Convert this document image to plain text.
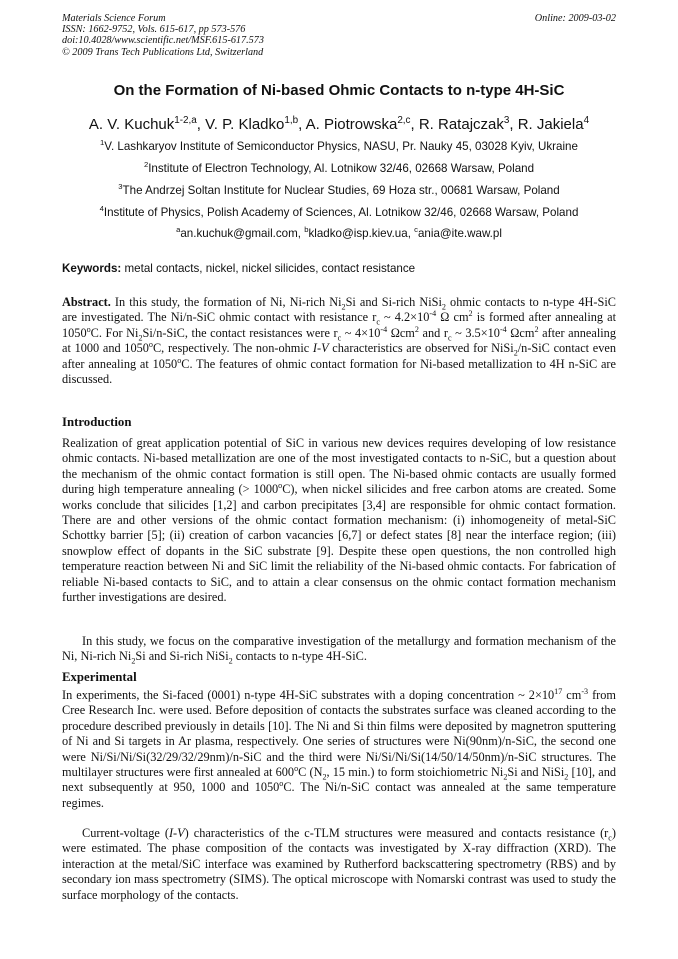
Materials Science Forum
ISSN: 1662-9752, Vols. 615-617, pp 573-576
doi:10.4028/www.scientific.net/MSF.615-617.573
© 2009 Trans Tech Publications Ltd, Switzerland
Online: 2009-03-02
On the Formation of Ni-based Ohmic Contacts to n-type 4H-SiC
A. V. Kuchuk$^{1-2,a}$, V. P. Kladko$^{1,b}$, A. Piotrowska$^{2,c}$, R. Ratajczak$^3$, R. Jakiela$^4$
$^1$V. Lashkaryov Institute of Semiconductor Physics, NASU, Pr. Nauky 45, 03028 Kyiv, Ukraine
$^2$Institute of Electron Technology, Al. Lotnikow 32/46, 02668 Warsaw, Poland
$^3$The Andrzej Soltan Institute for Nuclear Studies, 69 Hoza str., 00681 Warsaw, Poland
$^4$Institute of Physics, Polish Academy of Sciences, Al. Lotnikow 32/46, 02668 Warsaw, Poland
$^a$an.kuchuk@gmail.com, $^b$kladko@isp.kiev.ua, $^c$ania@ite.waw.pl
Keywords: metal contacts, nickel, nickel silicides, contact resistance
Abstract. In this study, the formation of Ni, Ni-rich $Ni_2Si$ and Si-rich NiSi$_2$ ohmic contacts to n-type 4H-SiC are investigated. The Ni/n-SiC ohmic contact with resistance $r_c$ ~ $4.2\times 10^{-4}$ Ω $cm^2$ is formed after annealing at 1050$^o$C. For $Ni_2Si/n$-SiC, the contact resistances were $r_c$ ~ $4\times 10^{-4}$ Ωcm$^2$ and $r_c$ ~ $3.5\times 10^{-4}$ Ωcm$^2$ after annealing at 1000 and 1050$^o$C, respectively. The non-ohmic I-V characteristics are observed for NiSi$_2$/n-SiC contact even after annealing at 1050$^o$C. The features of ohmic contact formation for Ni-based metallization to 4H n-SiC are discussed.
Introduction
Realization of great application potential of SiC in various new devices requires developing of low resistance ohmic contacts. Ni-based metallization are one of the most investigated contacts to n-SiC, but a question about the mechanism of the ohmic contact formation is still open. The Ni-based ohmic contacts are usually formed during high temperature annealing (> $1000^oC$), when nickel silicides and free carbon atoms are created. Some works conclude that silicides [1,2] and carbon precipitates [3,4] are responsible for ohmic contact formation. There are and other versions of the ohmic contact formation mechanism: (i) inhomogeneity of metal-SiC Schottky barrier [5]; (ii) creation of carbon vacancies [6,7] or defect states [8] near the interface region; (iii) snowplow effect of dopants in the SiC substrate [9]. Despite these open questions, the non controlled high temperature reaction between Ni and SiC limit the reliability of the Ni-based ohmic contacts. For fabrication of reliable Ni-based contacts to SiC, and to attain a clear consensus on the ohmic contact formation mechanism further investigations are desired.
In this study, we focus on the comparative investigation of the metallurgy and formation mechanism of the Ni, Ni-rich $Ni_2Si$ and Si-rich NiSi$_2$ contacts to n-type 4H-SiC.
Experimental
In experiments, the Si-faced (0001) n-type 4H-SiC substrates with a doping concentration ~ $2\times 10^{17}$ $cm^{-3}$ from Cree Research Inc. were used. Before deposition of contacts the substrates surface was cleaned according to the procedure described previously in details [10]. The Ni and Si thin films were deposited by magnetron sputtering of Ni and Si targets in Ar plasma, respectively. One series of structures were Ni(90nm)/n-SiC, the second one were Ni/Si/Ni/Si(32/29/32/29nm)/n-SiC and the third were Ni/Si/Ni/Si(14/50/14/50nm)/n-SiC structures. The multilayer structures were first annealed at 600$^o$C ($N_2$, 15 min.) to form stoichiometric $Ni_2Si$ and NiSi$_2$ [10], and next subsequently at 950, 1000 and 1050$^o$C. The Ni/n-SiC contact was annealed at the same temperature regimes.
Current-voltage (I-V) characteristics of the c-TLM structures were measured and contacts resistance $(r_c)$ were estimated. The phase composition of the contacts was investigated by X-ray diffraction (XRD). The interaction at the metal/SiC interface was examined by Rutherford backscattering spectrometry (RBS) and by secondary ion mass spectrometry (SIMS). The optical microscope with Nomarski contrast was used to study the surface morphology of the contacts.
